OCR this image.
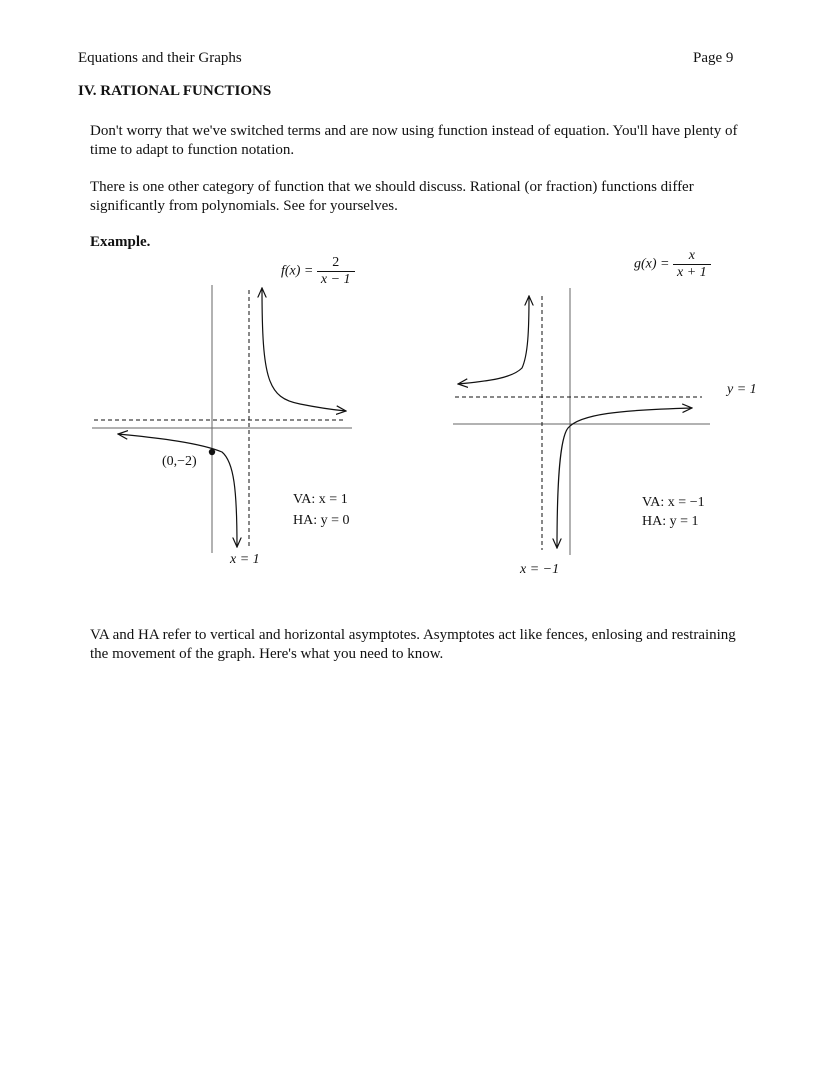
Equations and their Graphs	Page 9
IV. RATIONAL FUNCTIONS
Don't worry that we've switched terms and are now using function instead of equation. You'll have plenty of time to adapt to function notation.
There is one other category of function that we should discuss. Rational (or fraction) functions differ significantly from polynomials. See for yourselves.
Example.
$f(x) = \frac{2}{x - 1}$
(0,−2)
VA: x = 1
HA: y = 0
x = 1
$g(x) = \frac{x}{x + 1}$
y = 1
VA: x = −1
HA: y = 1
x = −1
VA and HA refer to vertical and horizontal asymptotes. Asymptotes act like fences, enlosing and restraining the movement of the graph. Here's what you need to know.
